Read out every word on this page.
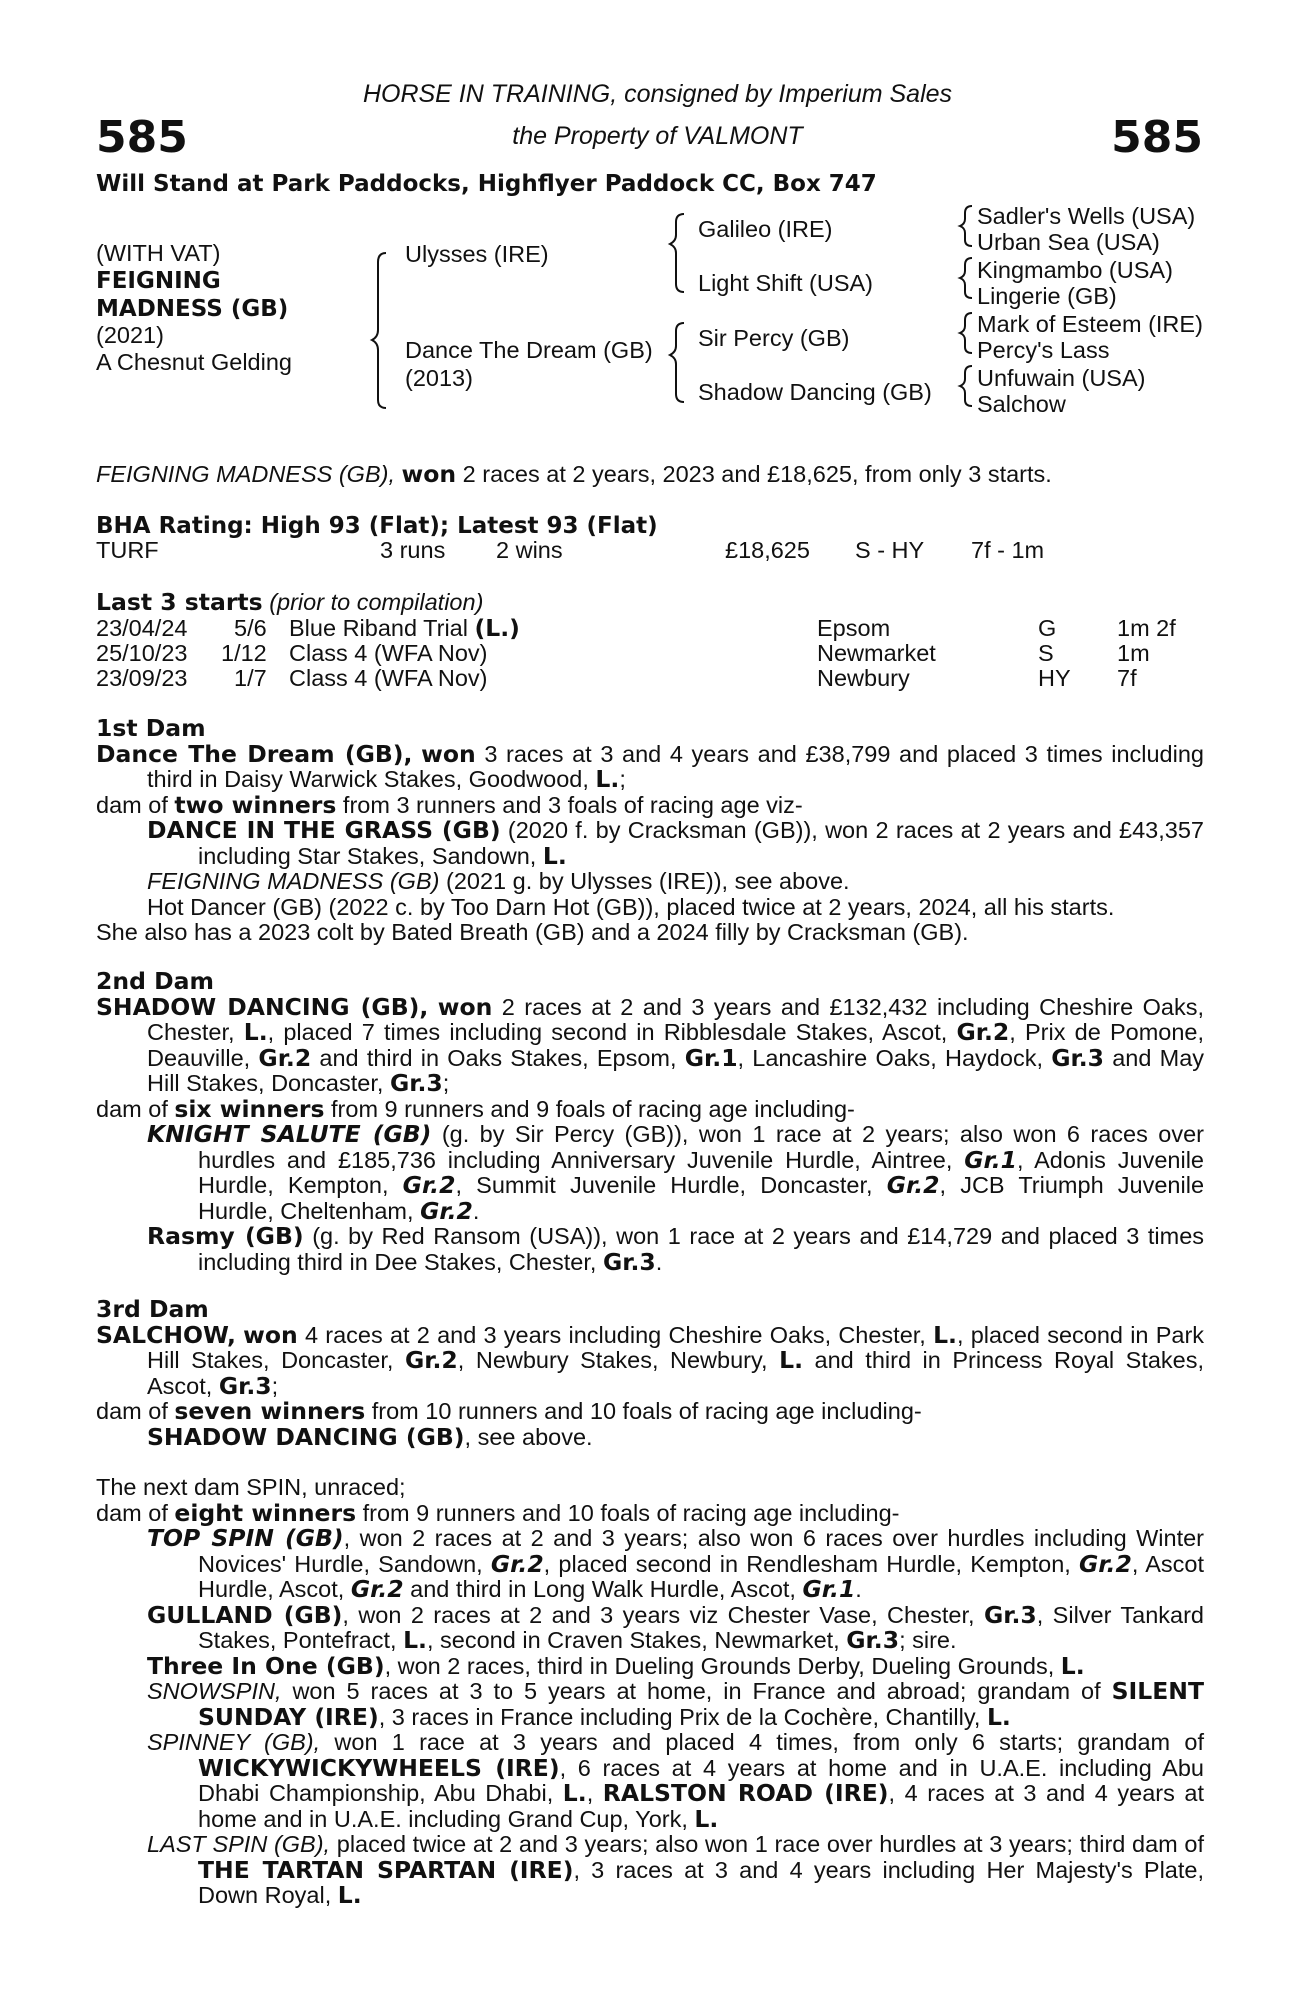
585	585
HORSE IN TRAINING, consigned by Imperium Sales
the Property of VALMONT
Will Stand at Park Paddocks, Highflyer Paddock CC, Box 747
(WITH VAT)
FEIGNING
MADNESS (GB)
(2021)
A Chesnut Gelding
Ulysses (IRE)
Dance The Dream (GB)
(2013)
Galileo (IRE)
Light Shift (USA)
Sir Percy (GB)
Shadow Dancing (GB)
Sadler's Wells (USA)
Urban Sea (USA)
Kingmambo (USA)
Lingerie (GB)
Mark of Esteem (IRE)
Percy's Lass
Unfuwain (USA)
Salchow
FEIGNING MADNESS (GB), won 2 races at 2 years, 2023 and £18,625, from only 3 starts.
BHA Rating: High 93 (Flat); Latest 93 (Flat)
TURF	3 runs 2 wins	£18,625 S - HY 7f - 1m
Last 3 starts (prior to compilation)
23/04/24 5/6 Blue Riband Trial (L.)	Epsom	G	1m 2f
25/10/23 1/12 Class 4 (WFA Nov)	Newmarket	S	1m
23/09/23 1/7 Class 4 (WFA Nov)	Newbury	HY 7f
1st Dam

Dance The Dream (GB), won 3 races at 3 and 4 years and £38,799 and placed 3 times including third in Daisy Warwick Stakes, Goodwood, L.;

dam of two winners from 3 runners and 3 foals of racing age viz-

DANCE IN THE GRASS (GB) (2020 f. by Cracksman (GB)), won 2 races at 2 years and £43,357 including Star Stakes, Sandown, L.

FEIGNING MADNESS (GB) (2021 g. by Ulysses (IRE)), see above.

Hot Dancer (GB) (2022 c. by Too Darn Hot (GB)), placed twice at 2 years, 2024, all his starts.

She also has a 2023 colt by Bated Breath (GB) and a 2024 filly by Cracksman (GB).
2nd Dam

SHADOW DANCING (GB), won 2 races at 2 and 3 years and £132,432 including Cheshire Oaks, Chester, L., placed 7 times including second in Ribblesdale Stakes, Ascot, Gr.2, Prix de Pomone, Deauville, Gr.2 and third in Oaks Stakes, Epsom, Gr.1, Lancashire Oaks, Haydock, Gr.3 and May Hill Stakes, Doncaster, Gr.3;

dam of six winners from 9 runners and 9 foals of racing age including-

KNIGHT SALUTE (GB) (g. by Sir Percy (GB)), won 1 race at 2 years; also won 6 races over hurdles and £185,736 including Anniversary Juvenile Hurdle, Aintree, Gr.1, Adonis Juvenile Hurdle, Kempton, Gr.2, Summit Juvenile Hurdle, Doncaster, Gr.2, JCB Triumph Juvenile Hurdle, Cheltenham, Gr.2.

Rasmy (GB) (g. by Red Ransom (USA)), won 1 race at 2 years and £14,729 and placed 3 times including third in Dee Stakes, Chester, Gr.3.

3rd Dam

SALCHOW, won 4 races at 2 and 3 years including Cheshire Oaks, Chester, L., placed second in Park Hill Stakes, Doncaster, Gr.2, Newbury Stakes, Newbury, L. and third in Princess Royal Stakes, Ascot, Gr.3;

dam of seven winners from 10 runners and 10 foals of racing age including-

SHADOW DANCING (GB), see above.

The next dam SPIN, unraced;
dam of eight winners from 9 runners and 10 foals of racing age including-

TOP SPIN (GB), won 2 races at 2 and 3 years; also won 6 races over hurdles including Winter Novices' Hurdle, Sandown, Gr.2, placed second in Rendlesham Hurdle, Kempton, Gr.2, Ascot Hurdle, Ascot, Gr.2 and third in Long Walk Hurdle, Ascot, Gr.1.

GULLAND (GB), won 2 races at 2 and 3 years viz Chester Vase, Chester, Gr.3, Silver Tankard Stakes, Pontefract, L., second in Craven Stakes, Newmarket, Gr.3; sire.

Three In One (GB), won 2 races, third in Dueling Grounds Derby, Dueling Grounds, L.

SNOWSPIN, won 5 races at 3 to 5 years at home, in France and abroad; grandam of SILENT SUNDAY (IRE), 3 races in France including Prix de la Cochère, Chantilly, L.

SPINNEY (GB), won 1 race at 3 years and placed 4 times, from only 6 starts; grandam of WICKYWICKYWHEELS (IRE), 6 races at 4 years at home and in U.A.E. including Abu Dhabi Championship, Abu Dhabi, L., RALSTON ROAD (IRE), 4 races at 3 and 4 years at home and in U.A.E. including Grand Cup, York, L.

LAST SPIN (GB), placed twice at 2 and 3 years; also won 1 race over hurdles at 3 years; third dam of THE TARTAN SPARTAN (IRE), 3 races at 3 and 4 years including Her Majesty's Plate, Down Royal, L.
